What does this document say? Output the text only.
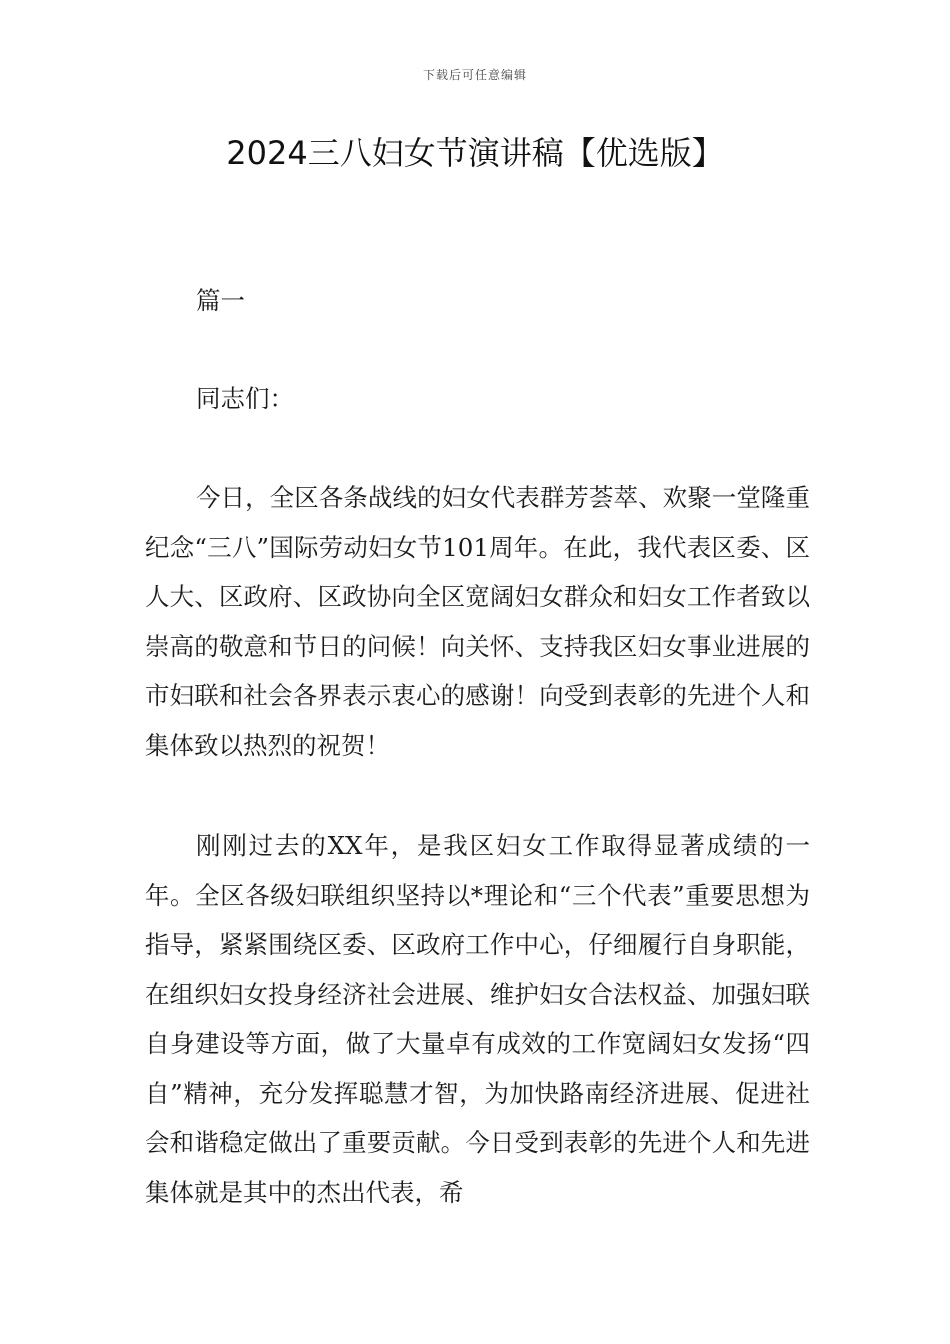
下载后可任意编辑
2024三八妇女节演讲稿【优选版】
篇一
同志们：

今日，全区各条战线的妇女代表群芳荟萃、欢聚一堂隆重纪念“三八”国际劳动妇女节101周年。在此，我代表区委、区人大、区政府、区政协向全区宽阔妇女群众和妇女工作者致以崇高的敬意和节日的问候！向关怀、支持我区妇女事业进展的市妇联和社会各界表示衷心的感谢！向受到表彰的先进个人和集体致以热烈的祝贺！

刚刚过去的XX年，是我区妇女工作取得显著成绩的一年。全区各级妇联组织坚持以*理论和“三个代表”重要思想为指导，紧紧围绕区委、区政府工作中心，仔细履行自身职能，在组织妇女投身经济社会进展、维护妇女合法权益、加强妇联自身建设等方面，做了大量卓有成效的工作宽阔妇女发扬“四自”精神，充分发挥聪慧才智，为加快路南经济进展、促进社会和谐稳定做出了重要贡献。今日受到表彰的先进个人和先进集体就是其中的杰出代表，希
